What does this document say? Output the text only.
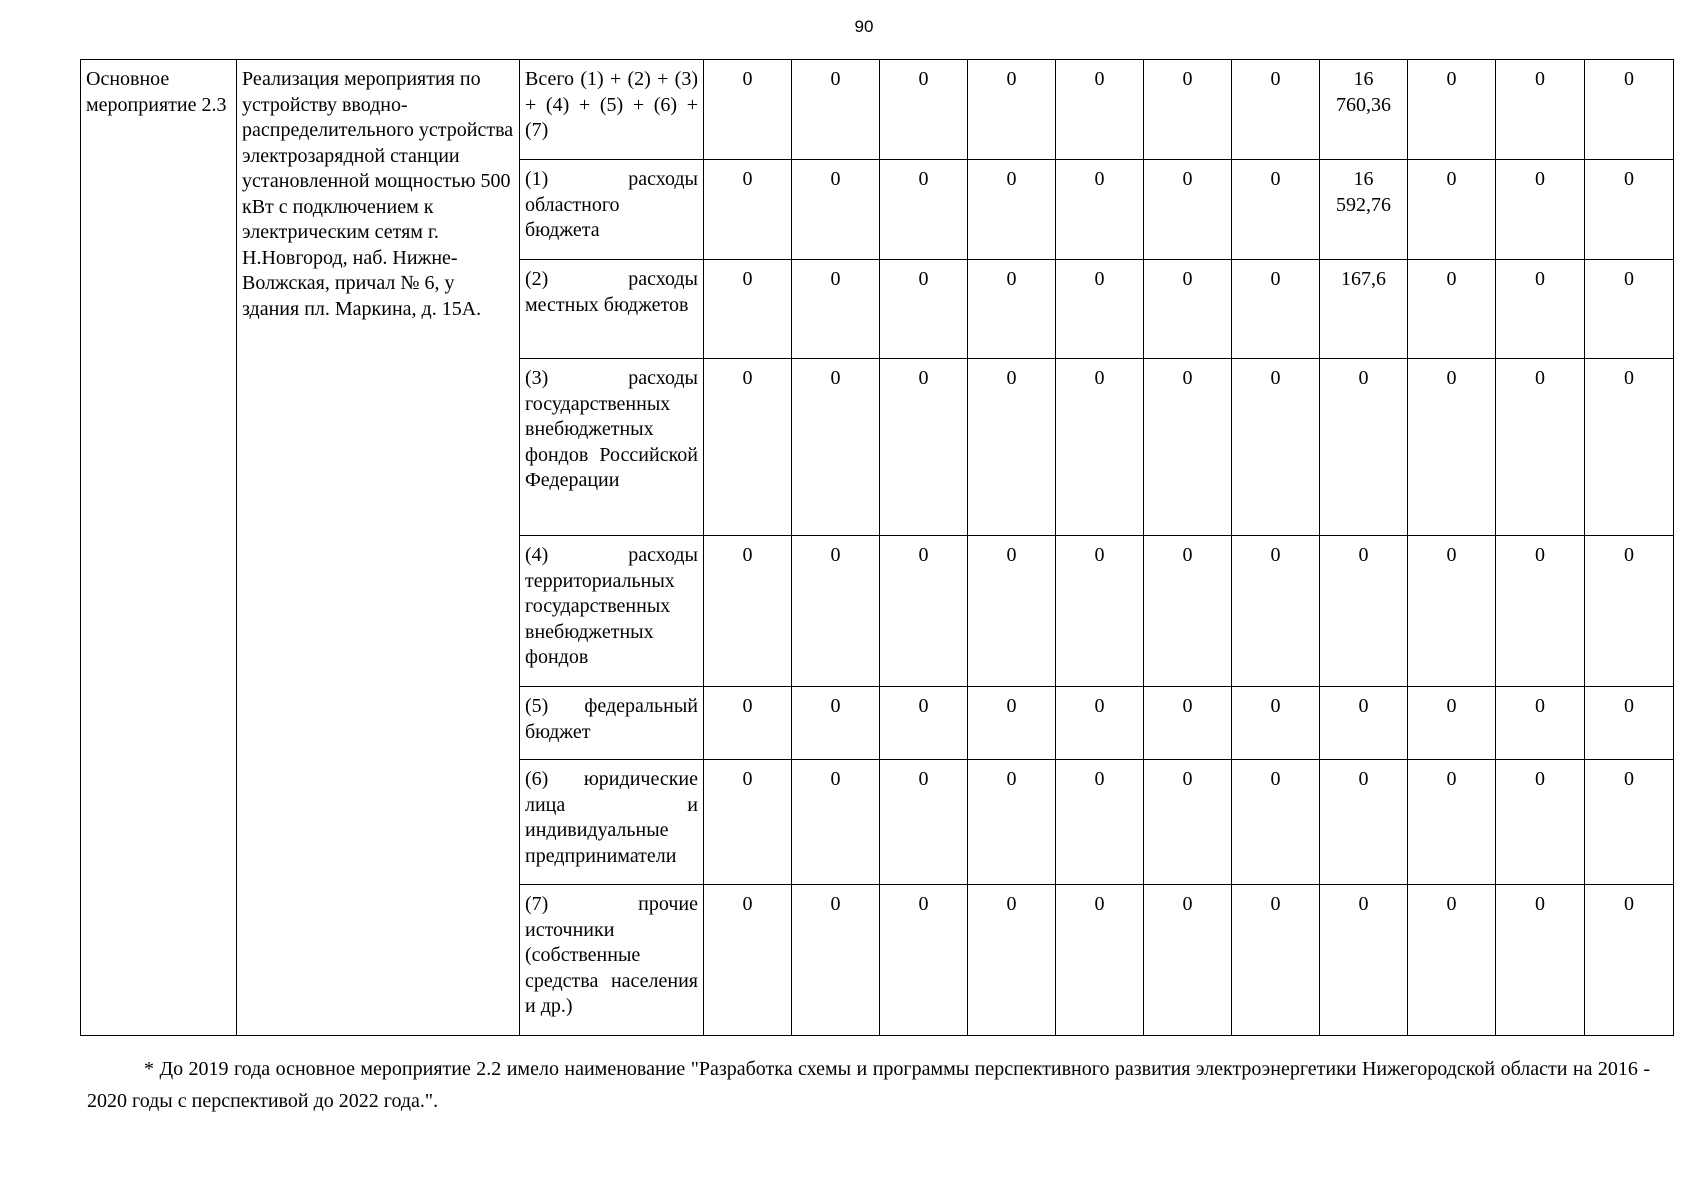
90
Основное мероприятие 2.3	Реализация мероприятия по устройству вводно-распределительного устройства электрозарядной станции установленной мощностью 500 кВт с подключением к электрическим сетям г. Н.Новгород, наб. Нижне-Волжская, причал № 6, у здания пл. Маркина, д. 15А.	Всего (1) + (2) + (3) + (4) + (5) + (6) + (7)	0	0	0	0	0	0	0	16 760,36	0	0	0
		(1) расходы областного бюджета	0	0	0	0	0	0	0	16 592,76	0	0	0
		(2) расходы местных бюджетов	0	0	0	0	0	0	0	167,6	0	0	0
		(3) расходы государственных внебюджетных фондов Российской Федерации	0	0	0	0	0	0	0	0	0	0	0
		(4) расходы территориальных государственных внебюджетных фондов	0	0	0	0	0	0	0	0	0	0	0
		(5) федеральный бюджет	0	0	0	0	0	0	0	0	0	0	0
		(6) юридические лица и индивидуальные предприниматели	0	0	0	0	0	0	0	0	0	0	0
		(7) прочие источники (собственные средства населения и др.)	0	0	0	0	0	0	0	0	0	0	0
* До 2019 года основное мероприятие 2.2 имело наименование "Разработка схемы и программы перспективного развития электроэнергетики Нижегородской области на 2016 - 2020 годы с перспективой до 2022 года.".
